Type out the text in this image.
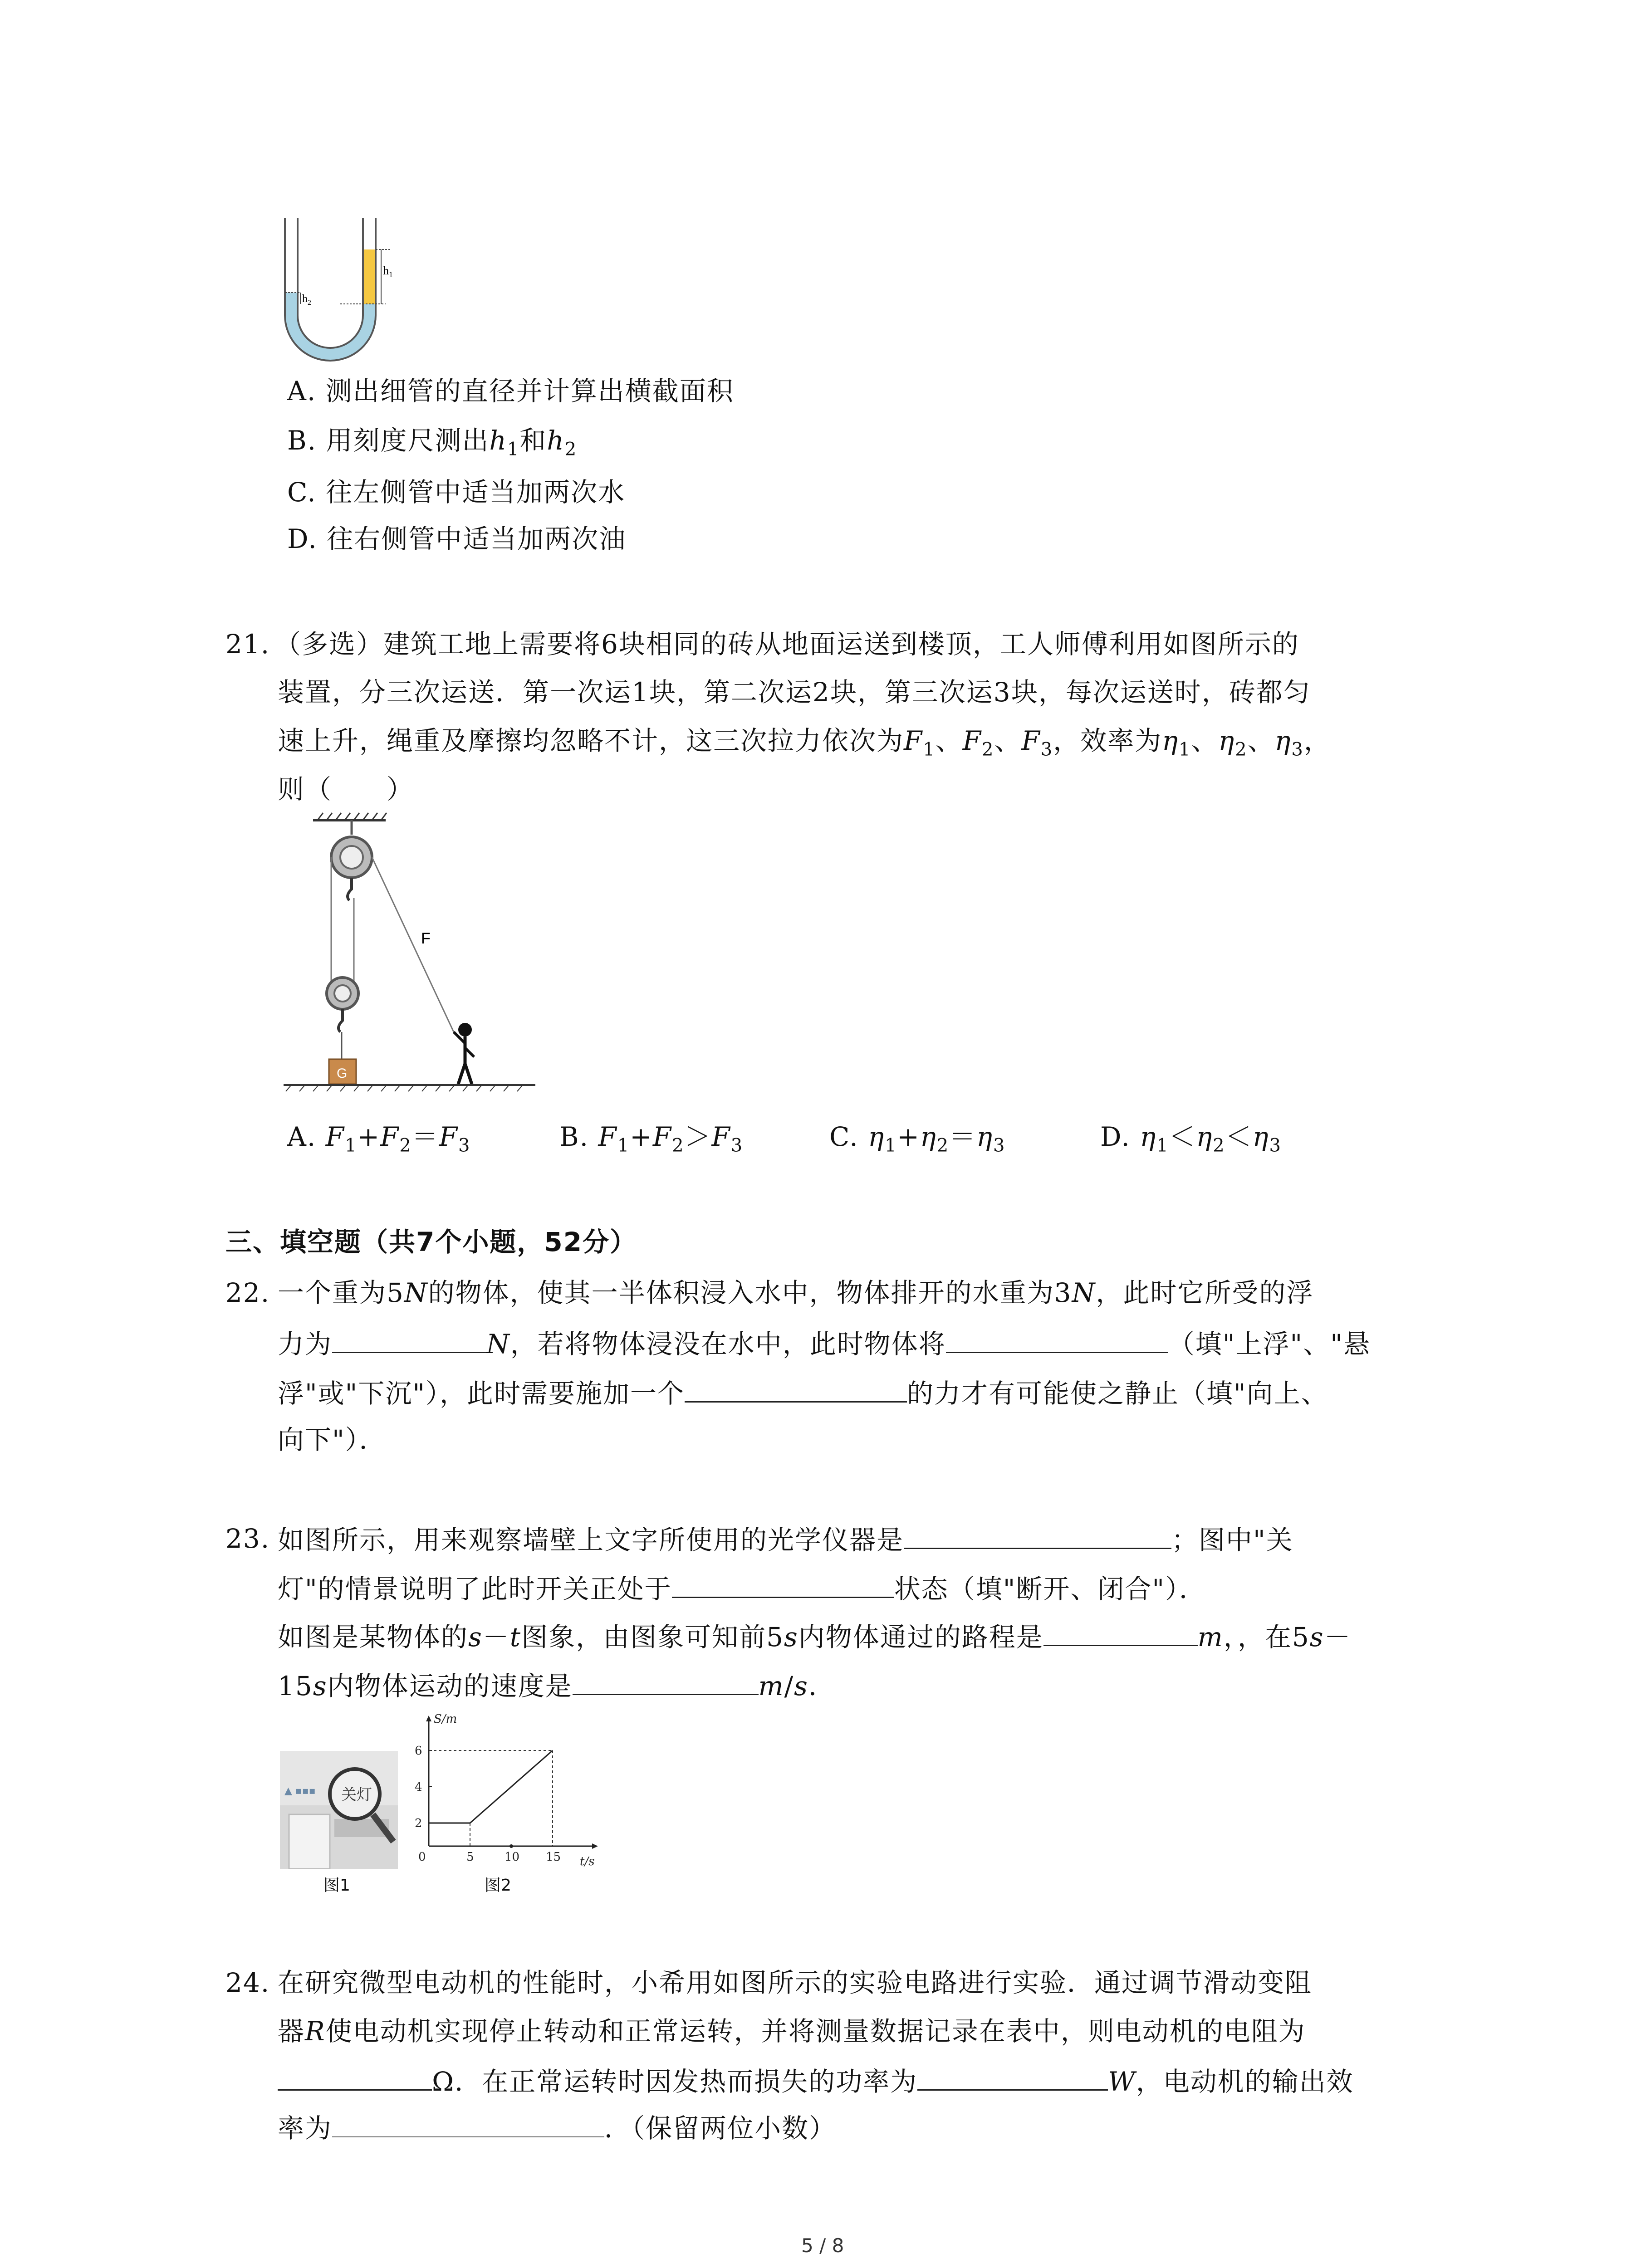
$h_1$
$h_2$
A. 测出细管的直径并计算出横截面积
B. 用刻度尺测出$h_1$和$h_2$
C. 往左侧管中适当加两次水
D. 往右侧管中适当加两次油
21. （多选）建筑工地上需要将6块相同的砖从地面运送到楼顶，工人师傅利用如图所示的
装置，分三次运送．第一次运1块，第二次运2块，第三次运3块，每次运送时，砖都匀
速上升，绳重及摩擦均忽略不计，这三次拉力依次为$F_1$、$F_2$、$F_3$，效率为$\eta_1$、$\eta_2$、$\eta_3$，
则（　　）
F
G
A. $F_1+F_2=F_3$	B. $F_1+F_2>F_3$	C. $\eta_1+\eta_2=\eta_3$	D. $\eta_1<\eta_2<\eta_3$
三、填空题（共7个小题，52分）
22. 一个重为5N的物体，使其一半体积浸入水中，物体排开的水重为3N，此时它所受的浮
力为	N，若将物体浸没在水中，此时物体将	（填"上浮"、"悬
浮"或"下沉"），此时需要施加一个	的力才有可能使之静止（填"向上、
向下"）．
23. 如图所示，用来观察墙壁上文字所使用的光学仪器是	；图中"关
灯"的情景说明了此时开关正处于	状态（填"断开、闭合"）．
如图是某物体的s－t图象，由图象可知前5s内物体通过的路程是	m，，在5s－
15s内物体运动的速度是	m/s．
关灯
▲ ▪▪▪
图1
S/m
t/s
2
4
6
0	5	10 15
图2
24. 在研究微型电动机的性能时，小希用如图所示的实验电路进行实验．通过调节滑动变阻
器R使电动机实现停止转动和正常运转，并将测量数据记录在表中，则电动机的电阻为
Ω．在正常运转时因发热而损失的功率为	W，电动机的输出效
率为	．（保留两位小数）
5 / 8
